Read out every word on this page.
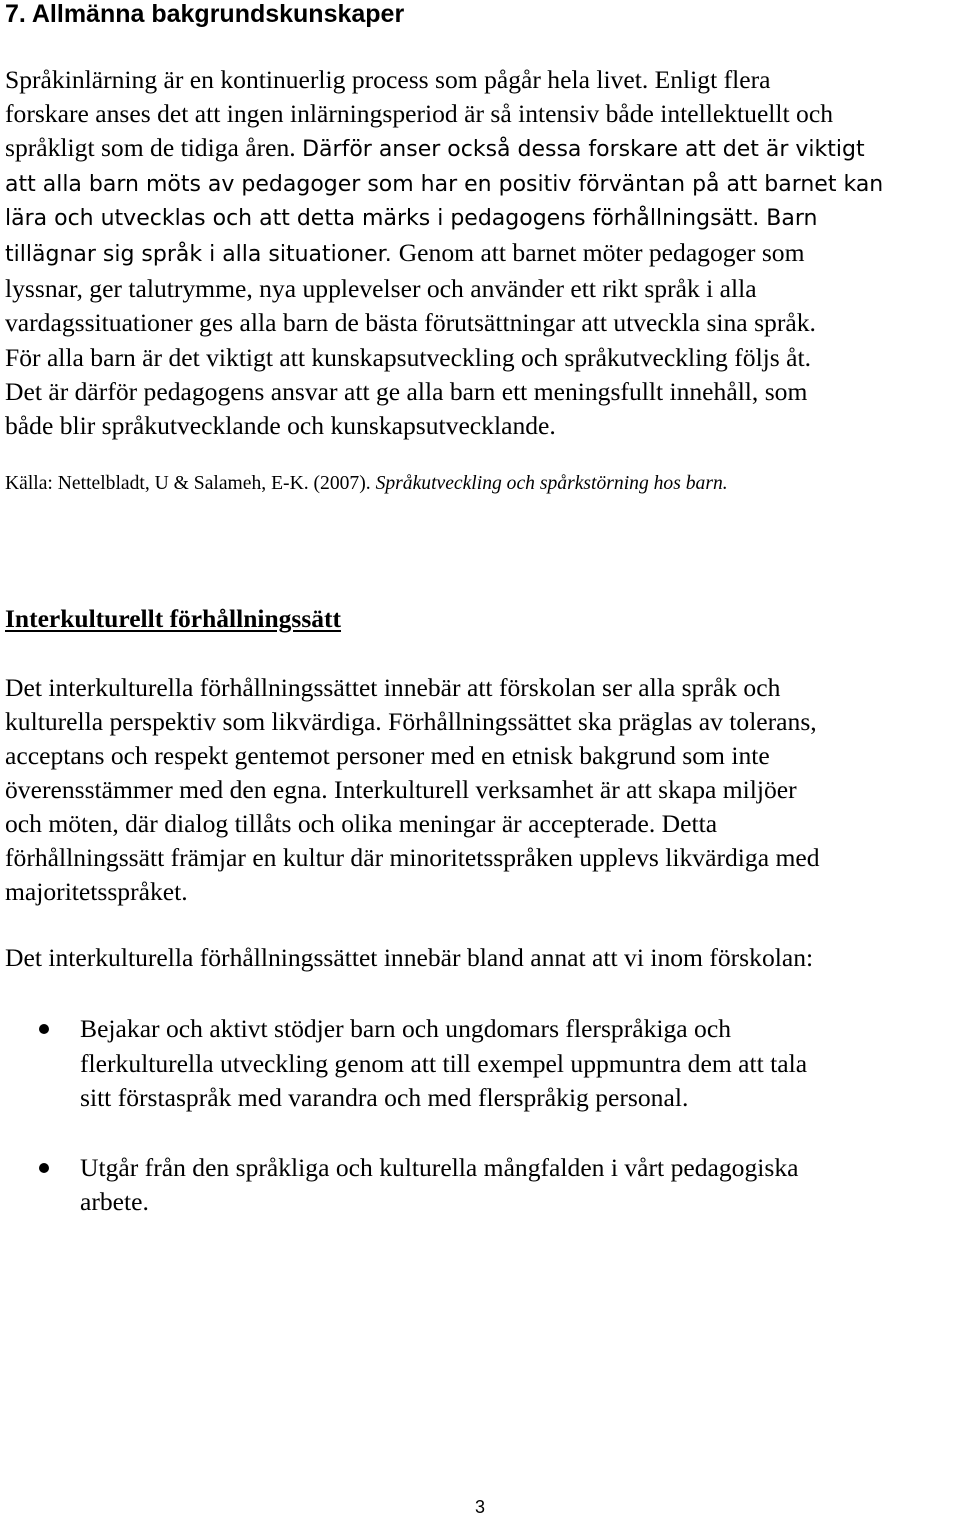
7. Allmänna bakgrundskunskaper

Språkinlärning är en kontinuerlig process som pågår hela livet. Enligt flera
forskare anses det att ingen inlärningsperiod är så intensiv både intellektuellt och
språkligt som de tidiga åren. Därför anser också dessa forskare att det är viktigt
att alla barn möts av pedagoger som har en positiv förväntan på att barnet kan
lära och utvecklas och att detta märks i pedagogens förhållningsätt. Barn
tillägnar sig språk i alla situationer. Genom att barnet möter pedagoger som
lyssnar, ger talutrymme, nya upplevelser och använder ett rikt språk i alla
vardagssituationer ges alla barn de bästa förutsättningar att utveckla sina språk.
För alla barn är det viktigt att kunskapsutveckling och språkutveckling följs åt.
Det är därför pedagogens ansvar att ge alla barn ett meningsfullt innehåll, som
både blir språkutvecklande och kunskapsutvecklande.

Källa: Nettelbladt, U & Salameh, E-K. (2007). Språkutveckling och spårkstörning hos barn.

Interkulturellt förhållningssätt

Det interkulturella förhållningssättet innebär att förskolan ser alla språk och
kulturella perspektiv som likvärdiga. Förhållningssättet ska präglas av tolerans,
acceptans och respekt gentemot personer med en etnisk bakgrund som inte
överensstämmer med den egna. Interkulturell verksamhet är att skapa miljöer
och möten, där dialog tillåts och olika meningar är accepterade. Detta
förhållningssätt främjar en kultur där minoritetsspråken upplevs likvärdiga med
majoritetsspråket.

Det interkulturella förhållningssättet innebär bland annat att vi inom förskolan:

Bejakar och aktivt stödjer barn och ungdomars flerspråkiga och
flerkulturella utveckling genom att till exempel uppmuntra dem att tala
sitt förstaspråk med varandra och med flerspråkig personal.
Utgår från den språkliga och kulturella mångfalden i vårt pedagogiska
arbete.

3
